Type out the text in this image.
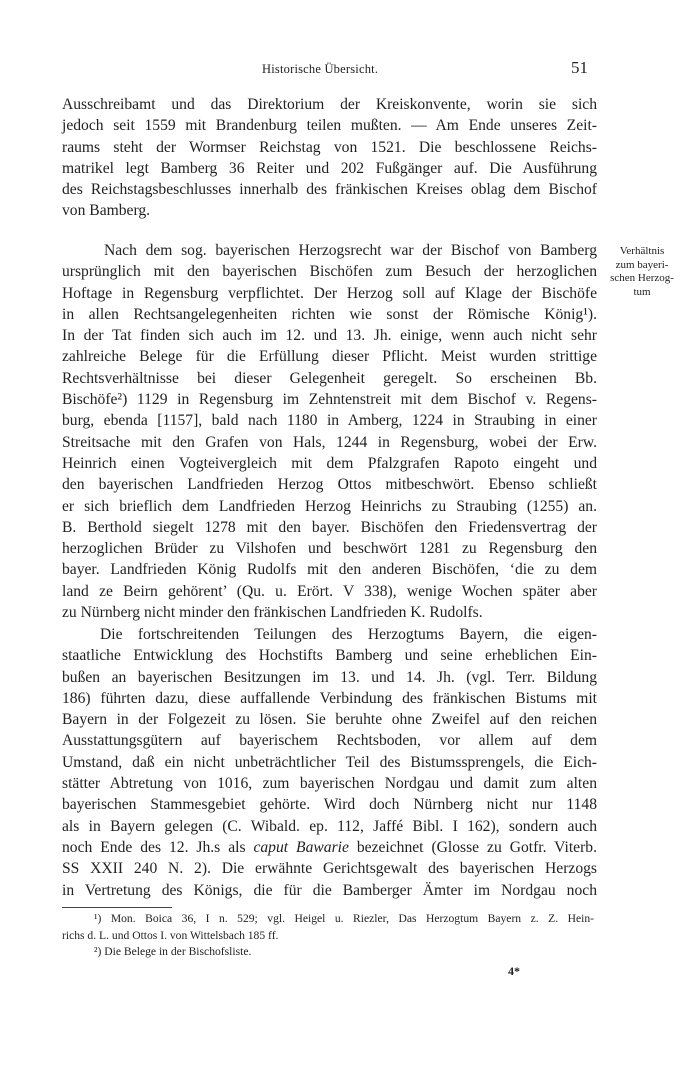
Historische Übersicht.	51
Ausschreibamt und das Direktorium der Kreiskonvente, worin sie sich
jedoch seit 1559 mit Brandenburg teilen mußten. — Am Ende unseres Zeit-
raums steht der Wormser Reichstag von 1521. Die beschlossene Reichs-
matrikel legt Bamberg 36 Reiter und 202 Fußgänger auf. Die Ausführung
des Reichstagsbeschlusses innerhalb des fränkischen Kreises oblag dem Bischof
von Bamberg.
Verhältnis
zum bayeri-
schen Herzog-
tum
Nach dem sog. bayerischen Herzogsrecht war der Bischof von Bamberg
ursprünglich mit den bayerischen Bischöfen zum Besuch der herzoglichen
Hoftage in Regensburg verpflichtet. Der Herzog soll auf Klage der Bischöfe
in allen Rechtsangelegenheiten richten wie sonst der Römische König¹).
In der Tat finden sich auch im 12. und 13. Jh. einige, wenn auch nicht sehr
zahlreiche Belege für die Erfüllung dieser Pflicht. Meist wurden strittige
Rechtsverhältnisse bei dieser Gelegenheit geregelt. So erscheinen Bb.
Bischöfe²) 1129 in Regensburg im Zehntenstreit mit dem Bischof v. Regens-
burg, ebenda [1157], bald nach 1180 in Amberg, 1224 in Straubing in einer
Streitsache mit den Grafen von Hals, 1244 in Regensburg, wobei der Erw.
Heinrich einen Vogteivergleich mit dem Pfalzgrafen Rapoto eingeht und
den bayerischen Landfrieden Herzog Ottos mitbeschwört. Ebenso schließt
er sich brieflich dem Landfrieden Herzog Heinrichs zu Straubing (1255) an.
B. Berthold siegelt 1278 mit den bayer. Bischöfen den Friedensvertrag der
herzoglichen Brüder zu Vilshofen und beschwört 1281 zu Regensburg den
bayer. Landfrieden König Rudolfs mit den anderen Bischöfen, ‘die zu dem
land ze Beirn gehörent’ (Qu. u. Erört. V 338), wenige Wochen später aber
zu Nürnberg nicht minder den fränkischen Landfrieden K. Rudolfs.
Die fortschreitenden Teilungen des Herzogtums Bayern, die eigen-
staatliche Entwicklung des Hochstifts Bamberg und seine erheblichen Ein-
bußen an bayerischen Besitzungen im 13. und 14. Jh. (vgl. Terr. Bildung
186) führten dazu, diese auffallende Verbindung des fränkischen Bistums mit
Bayern in der Folgezeit zu lösen. Sie beruhte ohne Zweifel auf den reichen
Ausstattungsgütern auf bayerischem Rechtsboden, vor allem auf dem
Umstand, daß ein nicht unbeträchtlicher Teil des Bistumssprengels, die Eich-
stätter Abtretung von 1016, zum bayerischen Nordgau und damit zum alten
bayerischen Stammesgebiet gehörte. Wird doch Nürnberg nicht nur 1148
als in Bayern gelegen (C. Wibald. ep. 112, Jaffé Bibl. I 162), sondern auch
noch Ende des 12. Jh.s als caput Bawarie bezeichnet (Glosse zu Gotfr. Viterb.
SS XXII 240 N. 2). Die erwähnte Gerichtsgewalt des bayerischen Herzogs
in Vertretung des Königs, die für die Bamberger Ämter im Nordgau noch
¹) Mon. Boica 36, I n. 529; vgl. Heigel u. Riezler, Das Herzogtum Bayern z. Z. Hein-
richs d. L. und Ottos I. von Wittelsbach 185 ff.
²) Die Belege in der Bischofsliste.
4*
